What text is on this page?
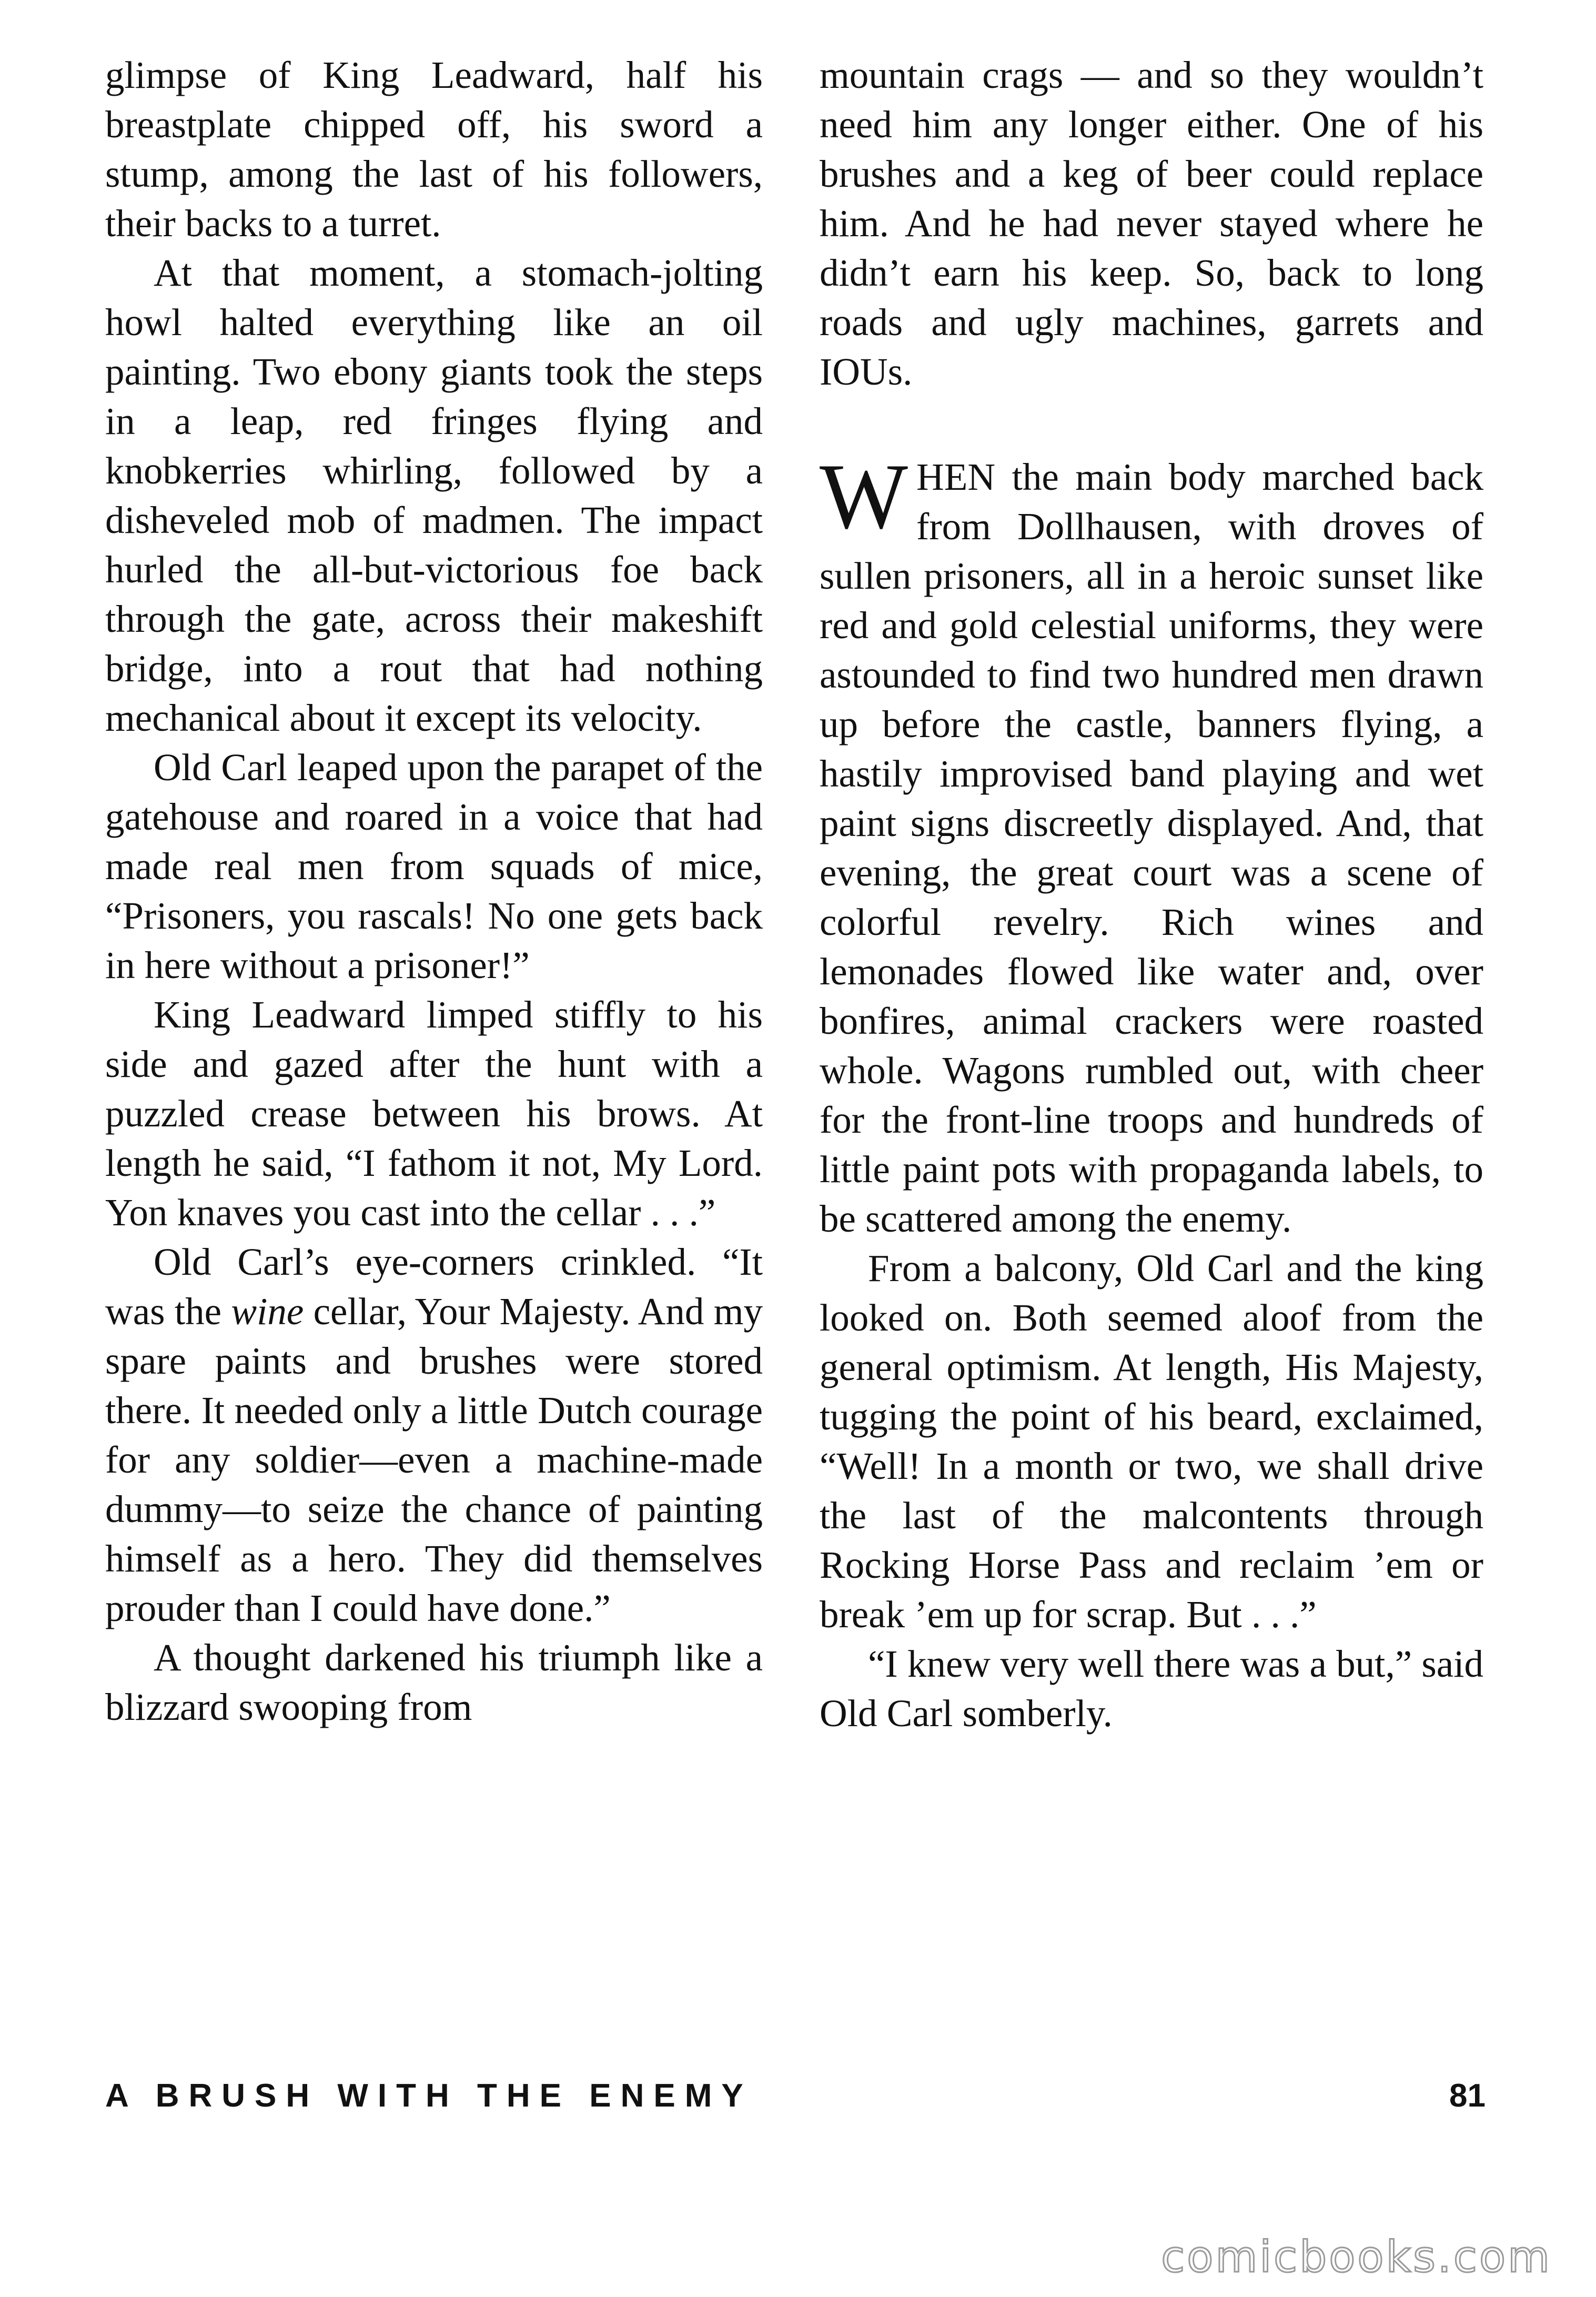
glimpse of King Leadward, half his breastplate chipped off, his sword a stump, among the last of his followers, their backs to a turret.

At that moment, a stomach-jolting howl halted everything like an oil painting. Two ebony giants took the steps in a leap, red fringes flying and knobkerries whirling, followed by a disheveled mob of madmen. The impact hurled the all-but-victorious foe back through the gate, across their makeshift bridge, into a rout that had nothing mechanical about it except its velocity.

Old Carl leaped upon the parapet of the gatehouse and roared in a voice that had made real men from squads of mice, “Prisoners, you rascals! No one gets back in here without a prisoner!”

King Leadward limped stiffly to his side and gazed after the hunt with a puzzled crease between his brows. At length he said, “I fathom it not, My Lord. Yon knaves you cast into the cellar . . .”

Old Carl’s eye-corners crinkled. “It was the wine cellar, Your Majesty. And my spare paints and brushes were stored there. It needed only a little Dutch courage for any soldier—even a machine-made dummy—to seize the chance of painting himself as a hero. They did themselves prouder than I could have done.”

A thought darkened his triumph like a blizzard swooping from

mountain crags — and so they wouldn’t need him any longer either. One of his brushes and a keg of beer could replace him. And he had never stayed where he didn’t earn his keep. So, back to long roads and ugly machines, garrets and IOUs.

WHEN the main body marched back from Dollhausen, with droves of sullen prisoners, all in a heroic sunset like red and gold celestial uniforms, they were astounded to find two hundred men drawn up before the castle, banners flying, a hastily improvised band playing and wet paint signs discreetly displayed. And, that evening, the great court was a scene of colorful revelry. Rich wines and lemonades flowed like water and, over bonfires, animal crackers were roasted whole. Wagons rumbled out, with cheer for the front-line troops and hundreds of little paint pots with propaganda labels, to be scattered among the enemy.

From a balcony, Old Carl and the king looked on. Both seemed aloof from the general optimism. At length, His Majesty, tugging the point of his beard, exclaimed, “Well! In a month or two, we shall drive the last of the malcontents through Rocking Horse Pass and reclaim ’em or break ’em up for scrap. But . . .”

“I knew very well there was a but,” said Old Carl somberly.

A BRUSH WITH THE ENEMY	81
comicbooks.com
